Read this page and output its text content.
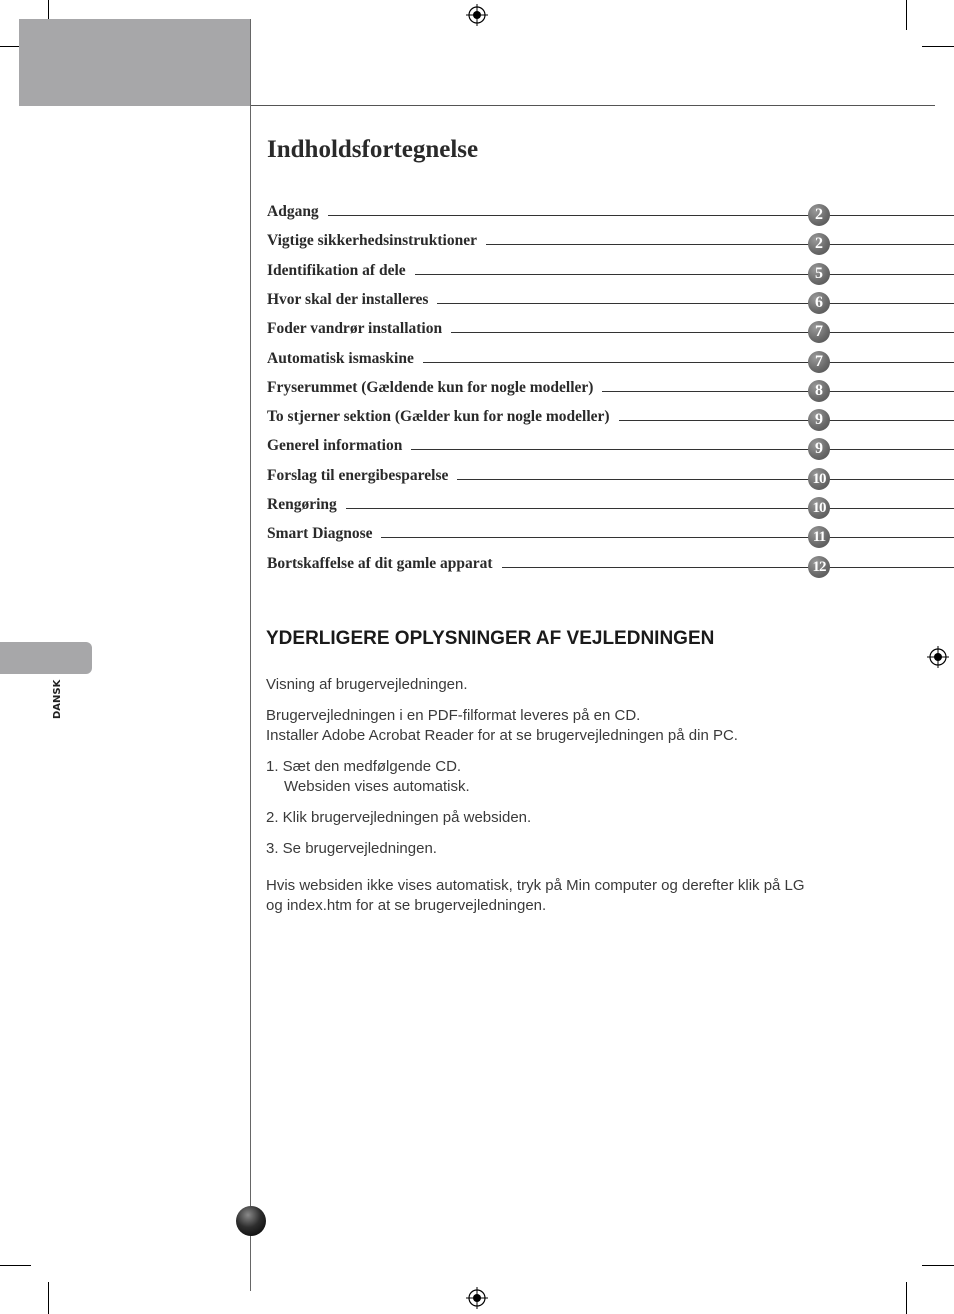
DANSK
Indholdsfortegnelse
Adgang	2
Vigtige sikkerhedsinstruktioner	2
Identifikation af dele	5
Hvor skal der installeres	6
Foder vandrør installation	7
Automatisk ismaskine	7
Fryserummet (Gældende kun for nogle modeller)	8
To stjerner sektion (Gælder kun for nogle modeller)	9
Generel information	9
Forslag til energibesparelse	10
Rengøring	10
Smart Diagnose	11
Bortskaffelse af dit gamle apparat	12
YDERLIGERE OPLYSNINGER AF VEJLEDNINGEN
Visning af brugervejledningen.
Brugervejledningen i en PDF-filformat leveres på en CD.
Installer Adobe Acrobat Reader for at se brugervejledningen på din PC.
1. Sæt den medfølgende CD.
Websiden vises automatisk.
2. Klik brugervejledningen på websiden.
3. Se brugervejledningen.
Hvis websiden ikke vises automatisk, tryk på Min computer og derefter klik på LG
og index.htm for at se brugervejledningen.
